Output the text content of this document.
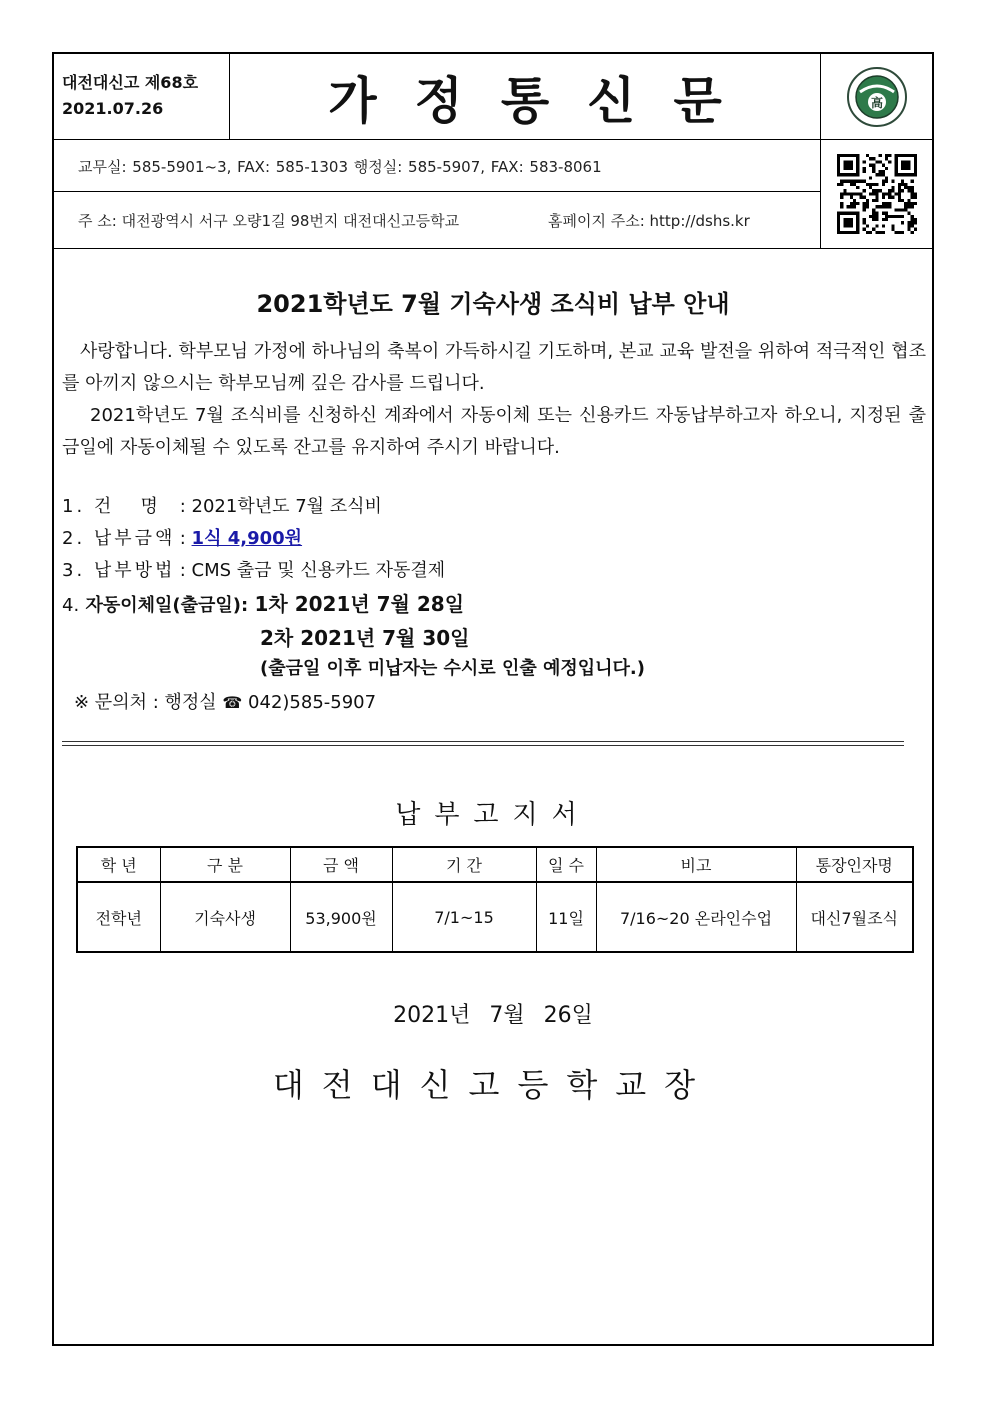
대전대신고 제68호
2021.07.26	가정통신문	高
교무실: 585-5901~3, FAX: 585-1303 행정실: 585-5907, FAX: 583-8061
주 소: 대전광역시 서구 오량1길 98번지 대전대신고등학교	홈페이지 주소: http://dshs.kr
2021학년도 7월 기숙사생 조식비 납부 안내
사랑합니다. 학부모님 가정에 하나님의 축복이 가득하시길 기도하며, 본교 교육 발전을 위하여 적극적인 협조를 아끼지 않으시는 학부모님께 깊은 감사를 드립니다.
2021학년도 7월 조식비를 신청하신 계좌에서 자동이체 또는 신용카드 자동납부하고자 하오니, 지정된 출금일에 자동이체될 수 있도록 잔고를 유지하여 주시기 바랍니다.
1. 건   명 : 2021학년도 7월 조식비
2. 납부금액 : 1식 4,900원
3. 납부방법 : CMS 출금 및 신용카드 자동결제
4. 자동이체일(출금일): 1차 2021년 7월 28일
2차 2021년 7월 30일
(출금일 이후 미납자는 수시로 인출 예정입니다.)
※ 문의처 : 행정실 ☎ 042)585-5907
납부고지서
학 년	구 분	금 액	기 간	일 수	비고	통장인자명
전학년	기숙사생	53,900원	7/1~15	11일	7/16~20 온라인수업	대신7월조식
2021년 7월 26일
대전대신고등학교장
